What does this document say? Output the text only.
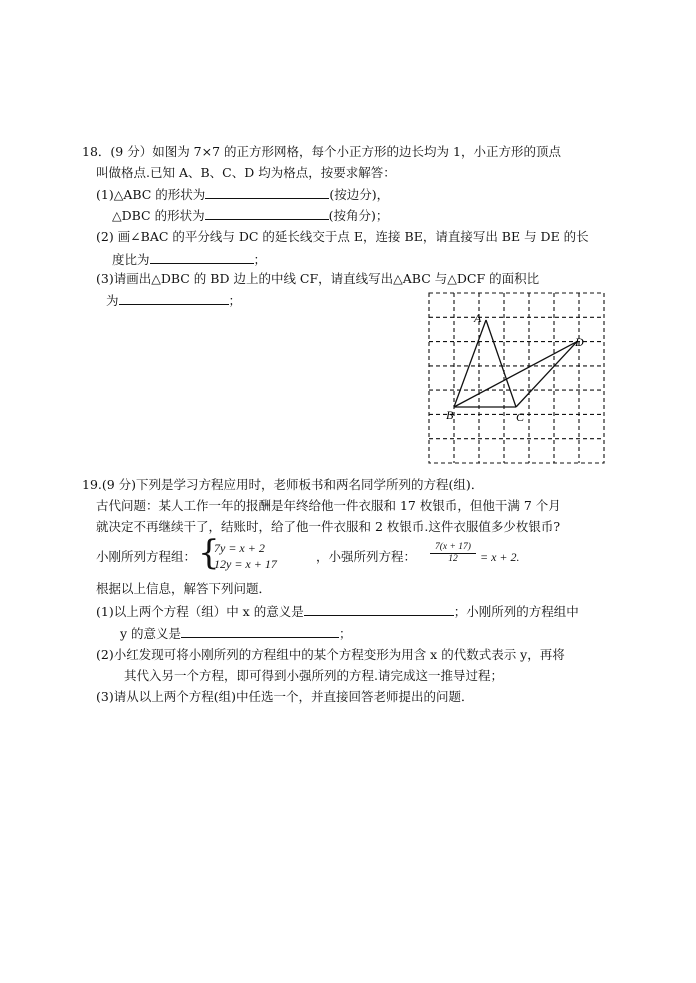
18．(9 分）如图为 7×7 的正方形网格，每个小正方形的边长均为 1，小正方形的顶点
叫做格点.已知 A、B、C、D 均为格点，按要求解答：
(1)△ABC 的形状为	(按边分)，
△DBC 的形状为	(按角分)；
(2) 画∠BAC 的平分线与 DC 的延长线交于点 E，连接 BE，请直接写出 BE 与 DE 的长
度比为	；
(3)请画出△DBC 的 BD 边上的中线 CF，请直线写出△ABC 与△DCF 的面积比
为	；
A
B	C
D
19.(9 分)下列是学习方程应用时，老师板书和两名同学所列的方程(组)．
古代问题：某人工作一年的报酬是年终给他一件衣服和 17 枚银币，但他干满 7 个月
就决定不再继续干了，结账时，给了他一件衣服和 2 枚银币.这件衣服值多少枚银币?
小刚所列方程组： {
7y = x + 2
12y = x + 17	，小强所列方程： $\frac{7(x + 17)}{12} = x + 2$.
根据以上信息，解答下列问题．
(1)以上两个方程（组）中 x 的意义是	；小刚所列的方程组中
y 的意义是	；
(2)小红发现可将小刚所列的方程组中的某个方程变形为用含 x 的代数式表示 y，再将
其代入另一个方程，即可得到小强所列的方程.请完成这一推导过程；
(3)请从以上两个方程(组)中任选一个，并直接回答老师提出的问题．
